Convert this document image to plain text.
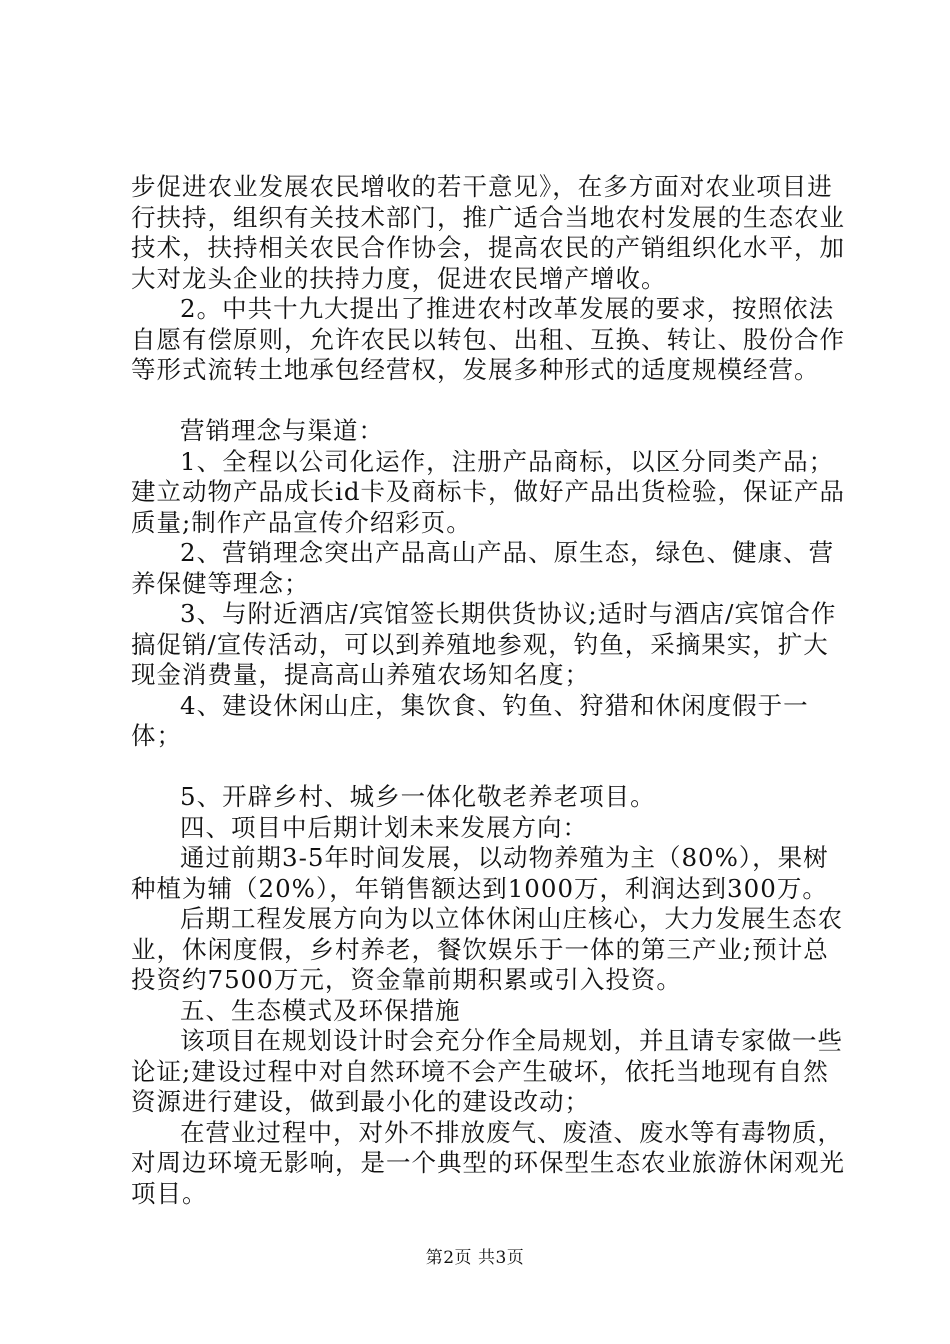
步促进农业发展农民增收的若干意见》，在多方面对农业项目进行扶持，组织有关技术部门，推广适合当地农村发展的生态农业技术，扶持相关农民合作协会，提高农民的产销组织化水平，加大对龙头企业的扶持力度，促进农民增产增收。

2。中共十九大提出了推进农村改革发展的要求，按照依法自愿有偿原则，允许农民以转包、出租、互换、转让、股份合作等形式流转土地承包经营权，发展多种形式的适度规模经营。

营销理念与渠道：

1、全程以公司化运作，注册产品商标，以区分同类产品；建立动物产品成长id卡及商标卡，做好产品出货检验，保证产品质量;制作产品宣传介绍彩页。

2、营销理念突出产品高山产品、原生态，绿色、健康、营养保健等理念；

3、与附近酒店/宾馆签长期供货协议;适时与酒店/宾馆合作搞促销/宣传活动，可以到养殖地参观，钓鱼，采摘果实，扩大现金消费量，提高高山养殖农场知名度；

4、建设休闲山庄，集饮食、钓鱼、狩猎和休闲度假于一体；

5、开辟乡村、城乡一体化敬老养老项目。

四、项目中后期计划未来发展方向：

通过前期3-5年时间发展，以动物养殖为主（80%），果树种植为辅（20%），年销售额达到1000万，利润达到300万。

后期工程发展方向为以立体休闲山庄核心，大力发展生态农业，休闲度假，乡村养老，餐饮娱乐于一体的第三产业;预计总投资约7500万元，资金靠前期积累或引入投资。

五、生态模式及环保措施

该项目在规划设计时会充分作全局规划，并且请专家做一些论证;建设过程中对自然环境不会产生破坏，依托当地现有自然资源进行建设，做到最小化的建设改动；

在营业过程中，对外不排放废气、废渣、废水等有毒物质，对周边环境无影响，是一个典型的环保型生态农业旅游休闲观光项目。

第2页 共3页
